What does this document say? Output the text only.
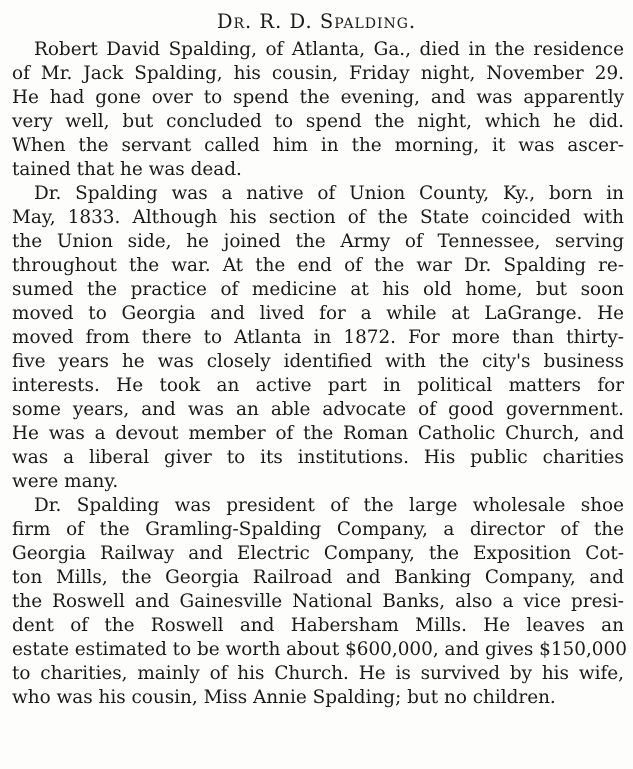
Dr. R. D. Spalding.
Robert David Spalding, of Atlanta, Ga., died in the residence
of Mr. Jack Spalding, his cousin, Friday night, November 29.
He had gone over to spend the evening, and was apparently
very well, but concluded to spend the night, which he did.
When the servant called him in the morning, it was ascer-
tained that he was dead.
Dr. Spalding was a native of Union County, Ky., born in
May, 1833. Although his section of the State coincided with
the Union side, he joined the Army of Tennessee, serving
throughout the war. At the end of the war Dr. Spalding re-
sumed the practice of medicine at his old home, but soon
moved to Georgia and lived for a while at LaGrange. He
moved from there to Atlanta in 1872. For more than thirty-
five years he was closely identified with the city's business
interests. He took an active part in political matters for
some years, and was an able advocate of good government.
He was a devout member of the Roman Catholic Church, and
was a liberal giver to its institutions. His public charities
were many.
Dr. Spalding was president of the large wholesale shoe
firm of the Gramling-Spalding Company, a director of the
Georgia Railway and Electric Company, the Exposition Cot-
ton Mills, the Georgia Railroad and Banking Company, and
the Roswell and Gainesville National Banks, also a vice presi-
dent of the Roswell and Habersham Mills. He leaves an
estate estimated to be worth about $600,000, and gives $150,000
to charities, mainly of his Church. He is survived by his wife,
who was his cousin, Miss Annie Spalding; but no children.
